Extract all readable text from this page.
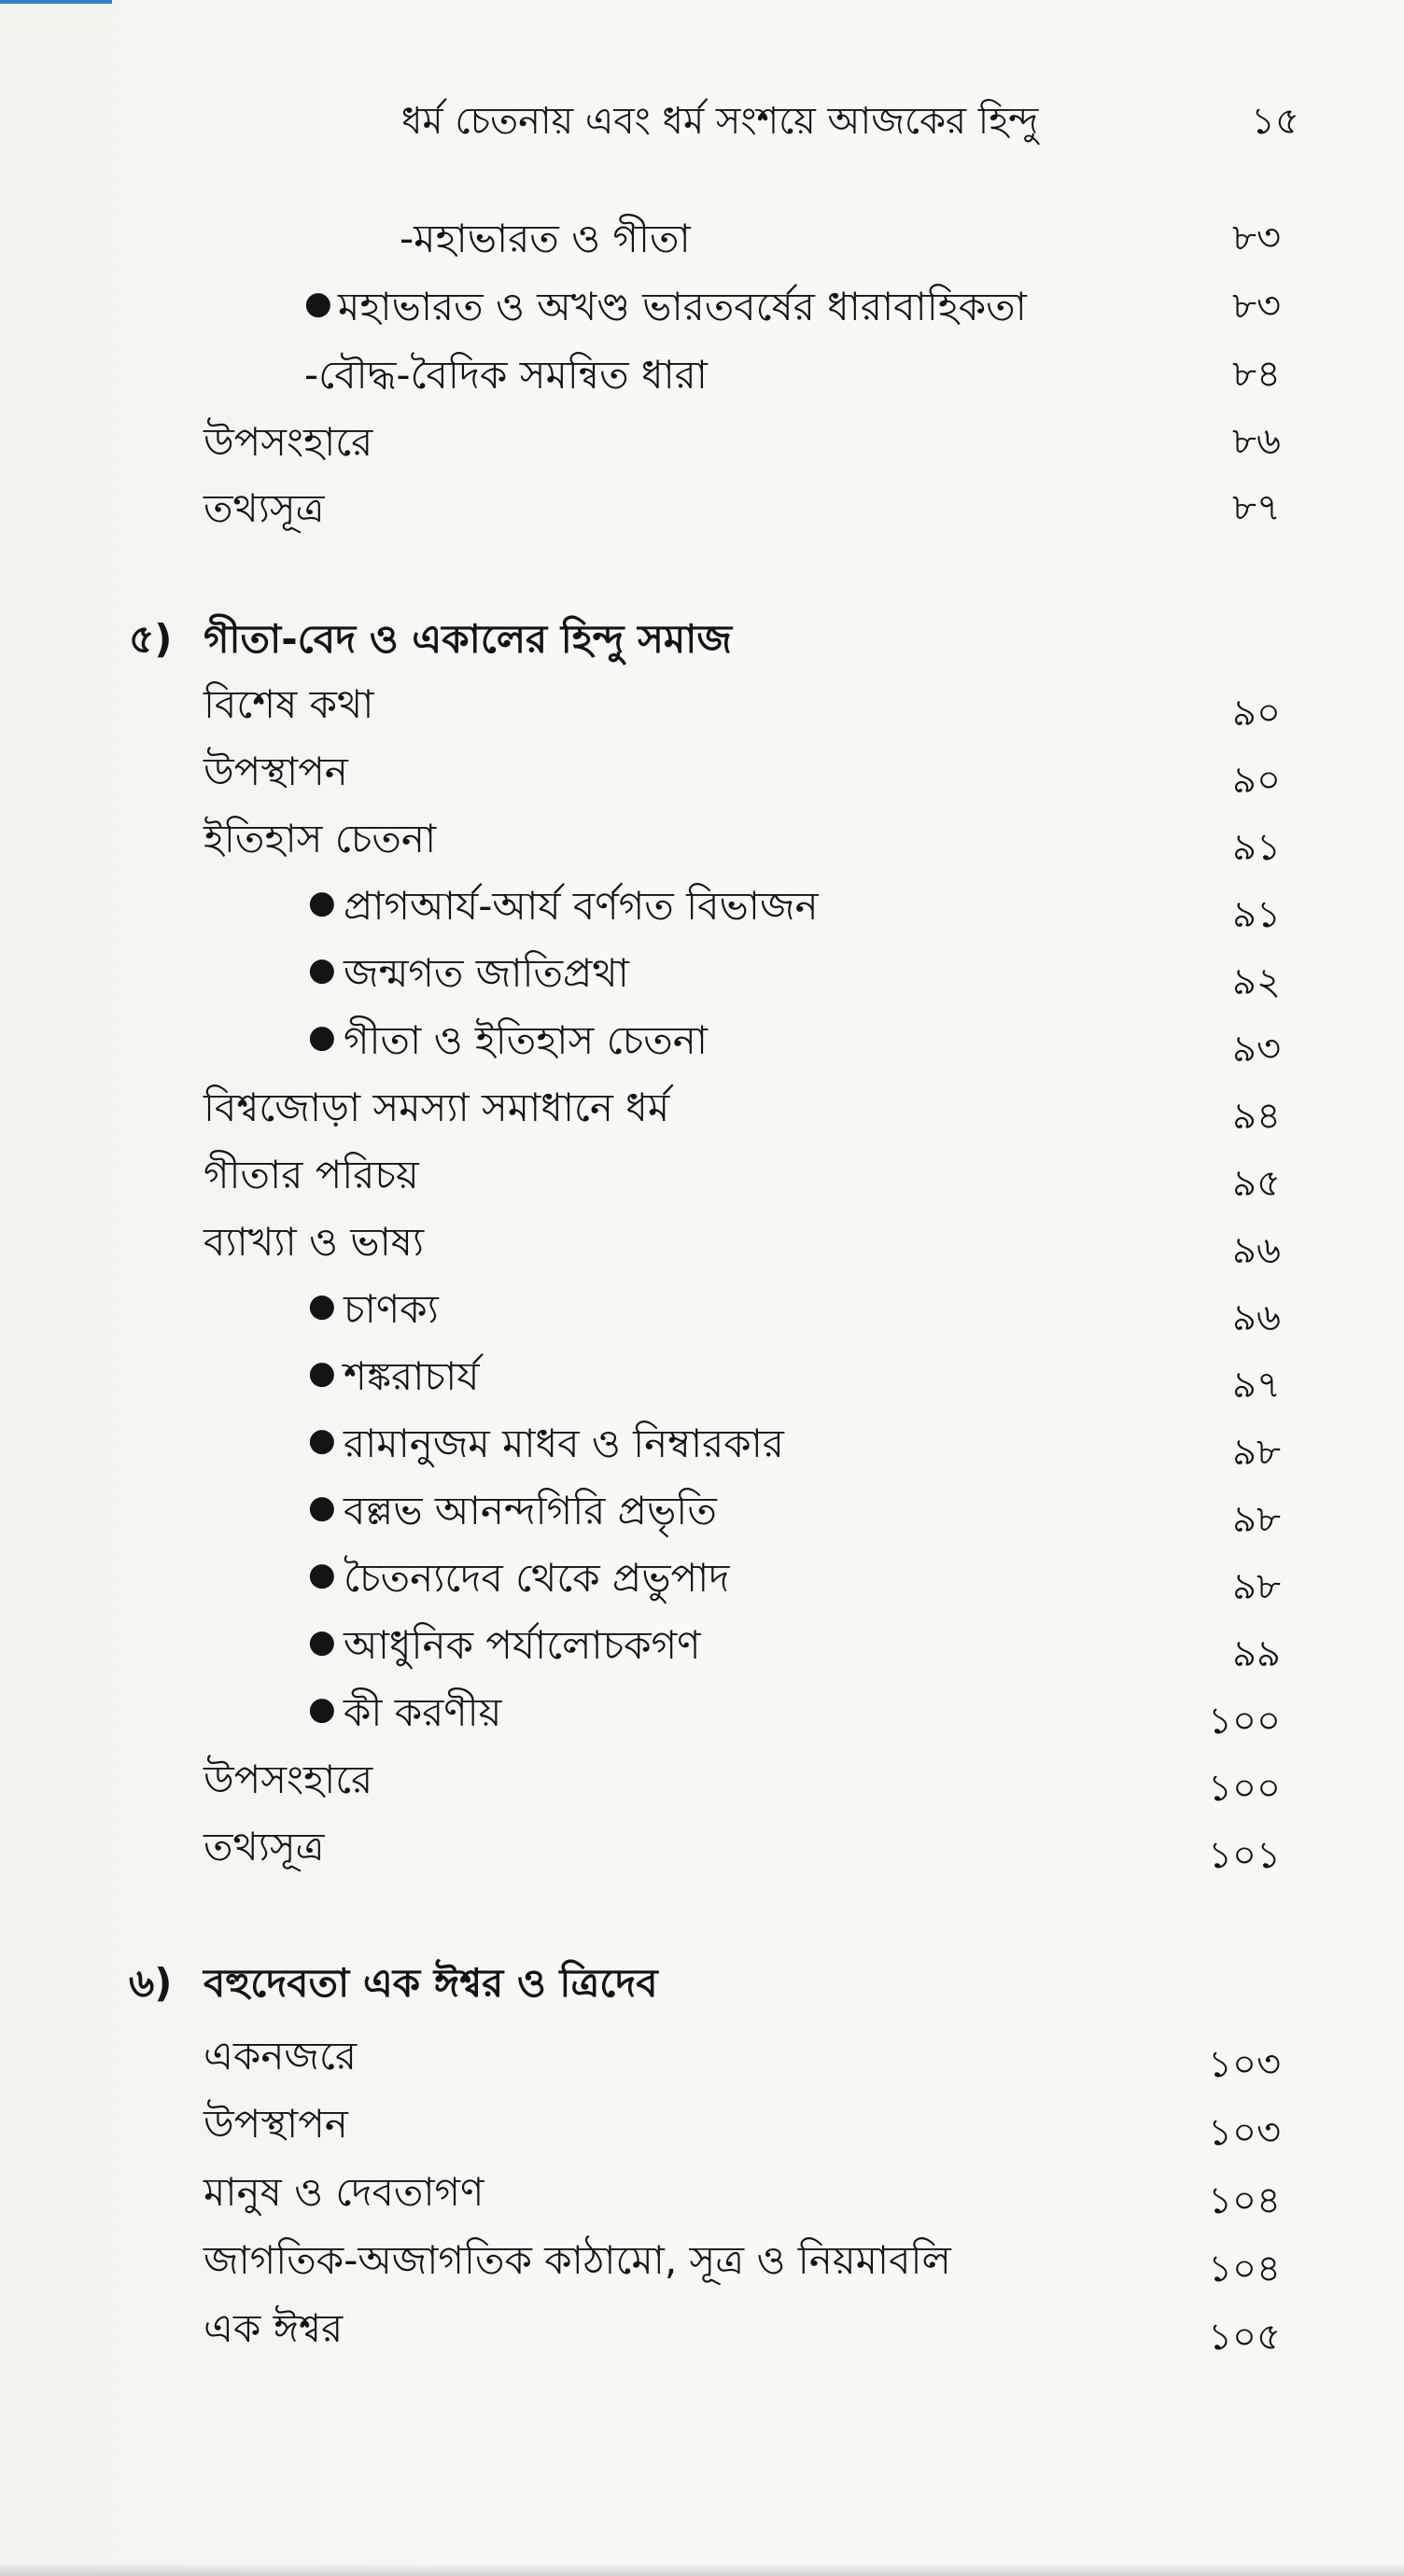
ধর্ম চেতনায় এবং ধর্ম সংশয়ে আজকের হিন্দু	১৫
-মহাভারত ও গীতা	৮৩
● মহাভারত ও অখণ্ড ভারতবর্ষের ধারাবাহিকতা	৮৩
-বৌদ্ধ-বৈদিক সমন্বিত ধারা	৮৪
উপসংহারে	৮৬
তথ্যসূত্র	৮৭
৫) গীতা-বেদ ও একালের হিন্দু সমাজ
বিশেষ কথা	৯০
উপস্থাপন	৯০
ইতিহাস চেতনা	৯১
● প্রাগআর্য-আর্য বর্ণগত বিভাজন	৯১
● জন্মগত জাতিপ্রথা	৯২
● গীতা ও ইতিহাস চেতনা	৯৩
বিশ্বজোড়া সমস্যা সমাধানে ধর্ম	৯৪
গীতার পরিচয়	৯৫
ব্যাখ্যা ও ভাষ্য	৯৬
● চাণক্য	৯৬
● শঙ্করাচার্য	৯৭
● রামানুজম মাধব ও নিম্বারকার	৯৮
● বল্লভ আনন্দগিরি প্রভৃতি	৯৮
● চৈতন্যদেব থেকে প্রভুপাদ	৯৮
● আধুনিক পর্যালোচকগণ	৯৯
● কী করণীয়	১০০
উপসংহারে	১০০
তথ্যসূত্র	১০১
৬) বহুদেবতা এক ঈশ্বর ও ত্রিদেব
একনজরে	১০৩
উপস্থাপন	১০৩
মানুষ ও দেবতাগণ	১০৪
জাগতিক-অজাগতিক কাঠামো, সূত্র ও নিয়মাবলি	১০৪
এক ঈশ্বর	১০৫
